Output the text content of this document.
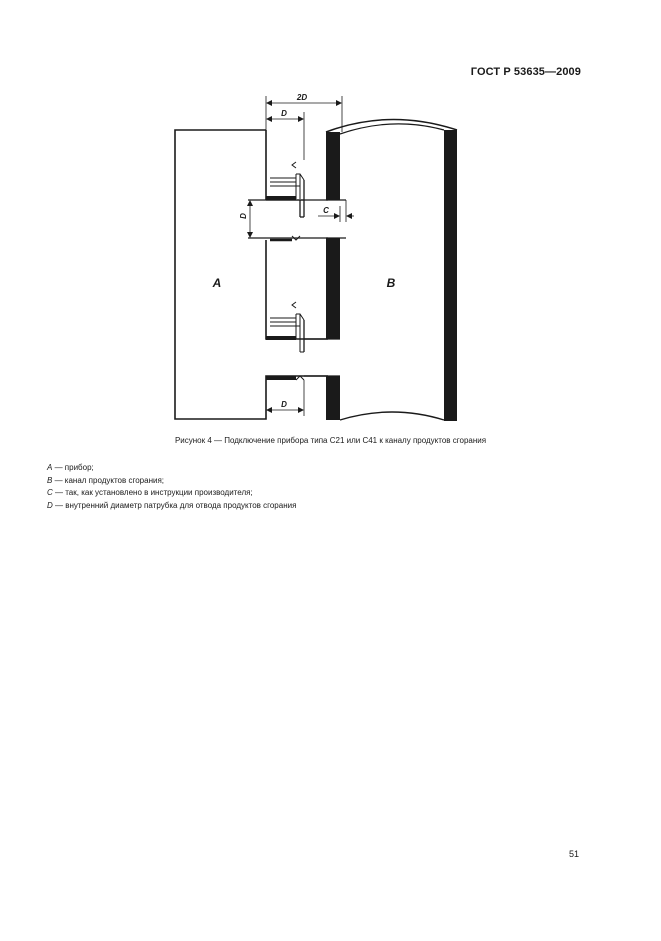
ГОСТ Р 53635—2009
2D
D
D
C
D
A	B
Рисунок 4 — Подключение прибора типа C21 или C41 к каналу продуктов сгорания
A — прибор;
B — канал продуктов сгорания;
C — так, как установлено в инструкции производителя;
D — внутренний диаметр патрубка для отвода продуктов сгорания
51
